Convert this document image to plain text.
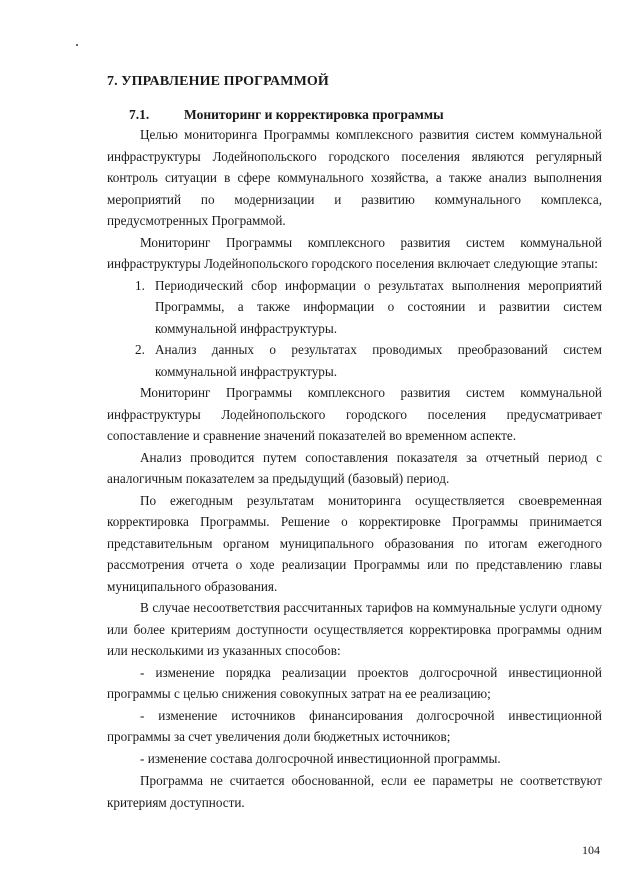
7. УПРАВЛЕНИЕ ПРОГРАММОЙ
7.1.	Мониторинг и корректировка программы

Целью мониторинга Программы комплексного развития систем коммунальной инфраструктуры Лодейнопольского городского поселения являются регулярный контроль ситуации в сфере коммунального хозяйства, а также анализ выполнения мероприятий по модернизации и развитию коммунального комплекса, предусмотренных Программой.

Мониторинг Программы комплексного развития систем коммунальной инфраструктуры Лодейнопольского городского поселения включает следующие этапы:

1. Периодический сбор информации о результатах выполнения мероприятий Программы, а также информации о состоянии и развитии систем коммунальной инфраструктуры.

2. Анализ данных о результатах проводимых преобразований систем коммунальной инфраструктуры.

Мониторинг Программы комплексного развития систем коммунальной инфраструктуры Лодейнопольского городского поселения предусматривает сопоставление и сравнение значений показателей во временном аспекте.

Анализ проводится путем сопоставления показателя за отчетный период с аналогичным показателем за предыдущий (базовый) период.

По ежегодным результатам мониторинга осуществляется своевременная корректировка Программы. Решение о корректировке Программы принимается представительным органом муниципального образования по итогам ежегодного рассмотрения отчета о ходе реализации Программы или по представлению главы муниципального образования.

В случае несоответствия рассчитанных тарифов на коммунальные услуги одному или более критериям доступности осуществляется корректировка программы одним или несколькими из указанных способов:

- изменение порядка реализации проектов долгосрочной инвестиционной программы с целью снижения совокупных затрат на ее реализацию;

- изменение источников финансирования долгосрочной инвестиционной программы за счет увеличения доли бюджетных источников;

- изменение состава долгосрочной инвестиционной программы.

Программа не считается обоснованной, если ее параметры не соответствуют критериям доступности.

104
